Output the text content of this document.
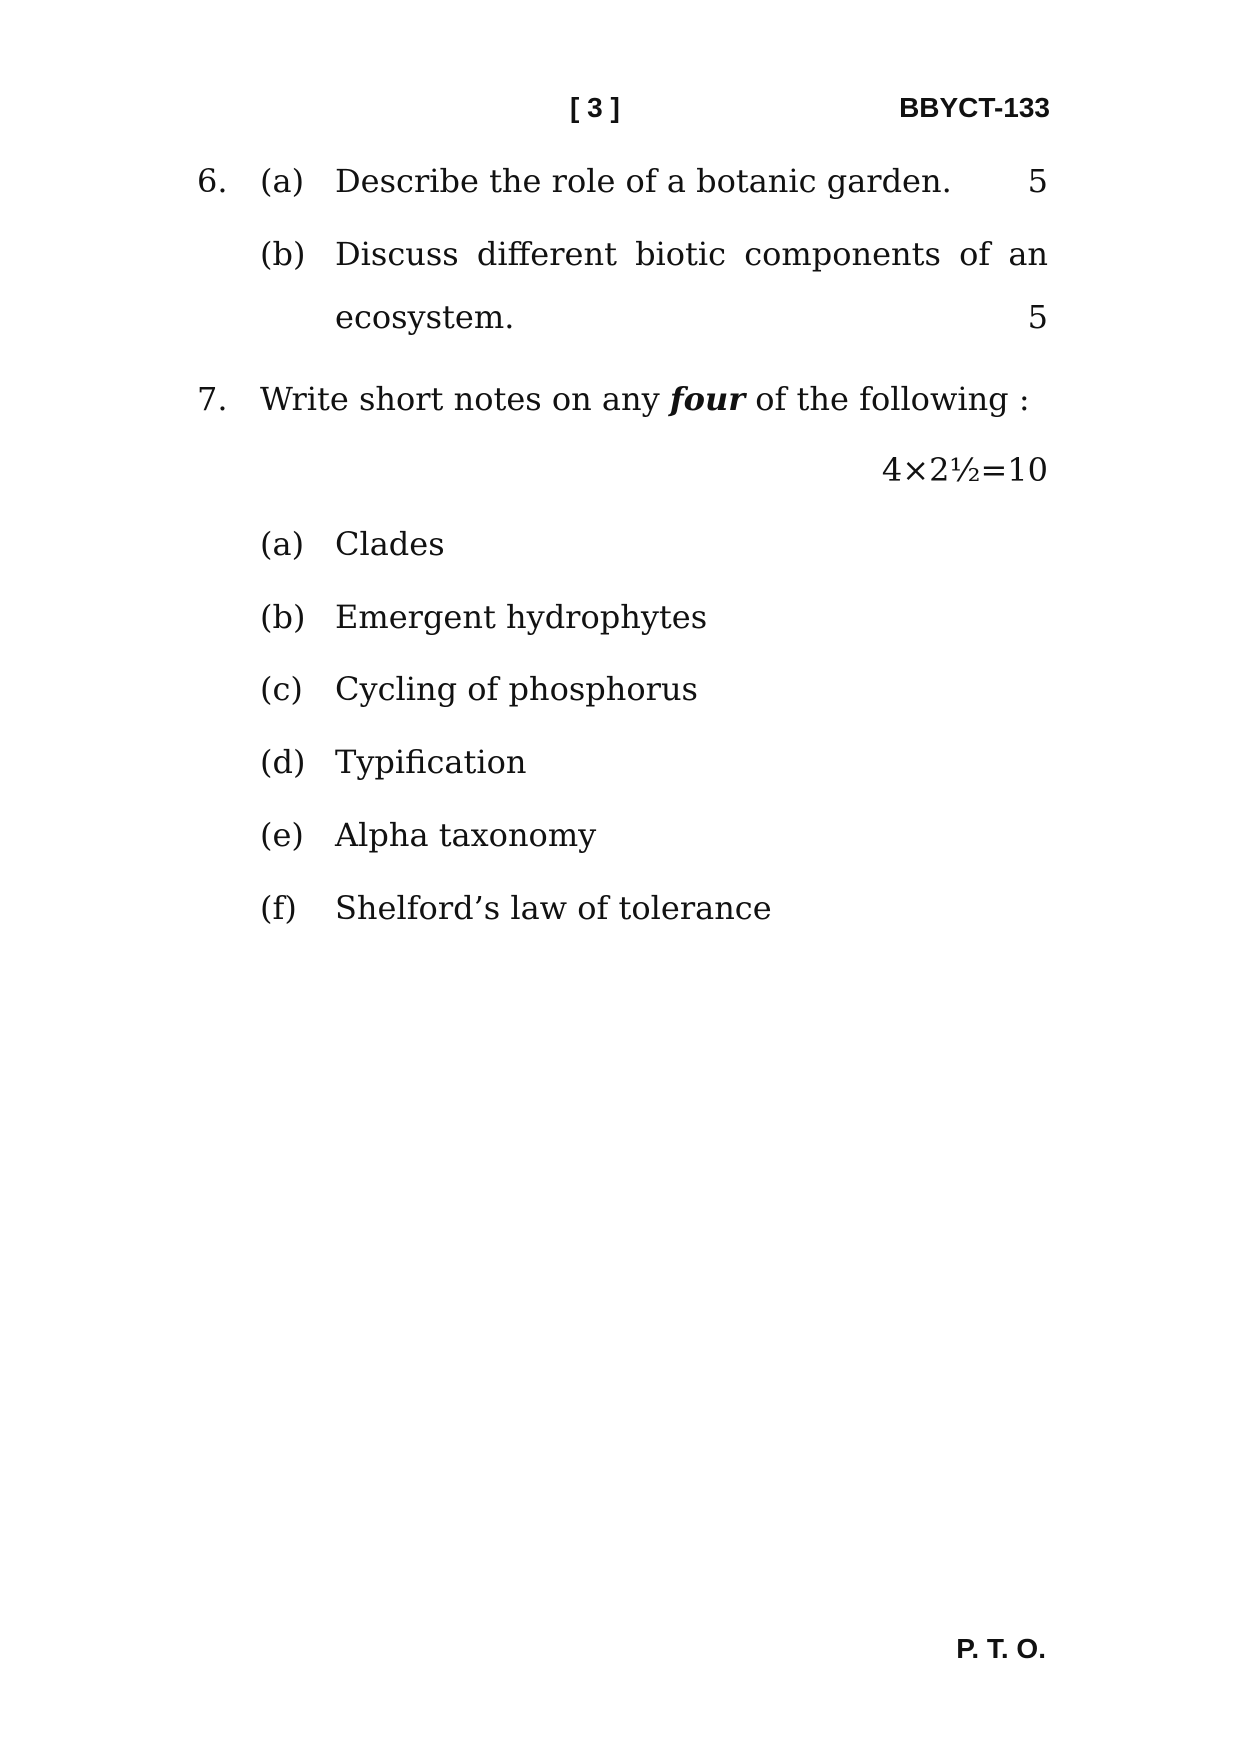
[ 3 ]	BBYCT-133
6. (a) Describe the role of a botanic garden. 5
(b) Discuss different biotic components of an
ecosystem.	5
7. Write short notes on any four of the following :
4×2½=10
(a) Clades
(b) Emergent hydrophytes
(c) Cycling of phosphorus
(d) Typification
(e) Alpha taxonomy
(f) Shelford’s law of tolerance
P. T. O.
